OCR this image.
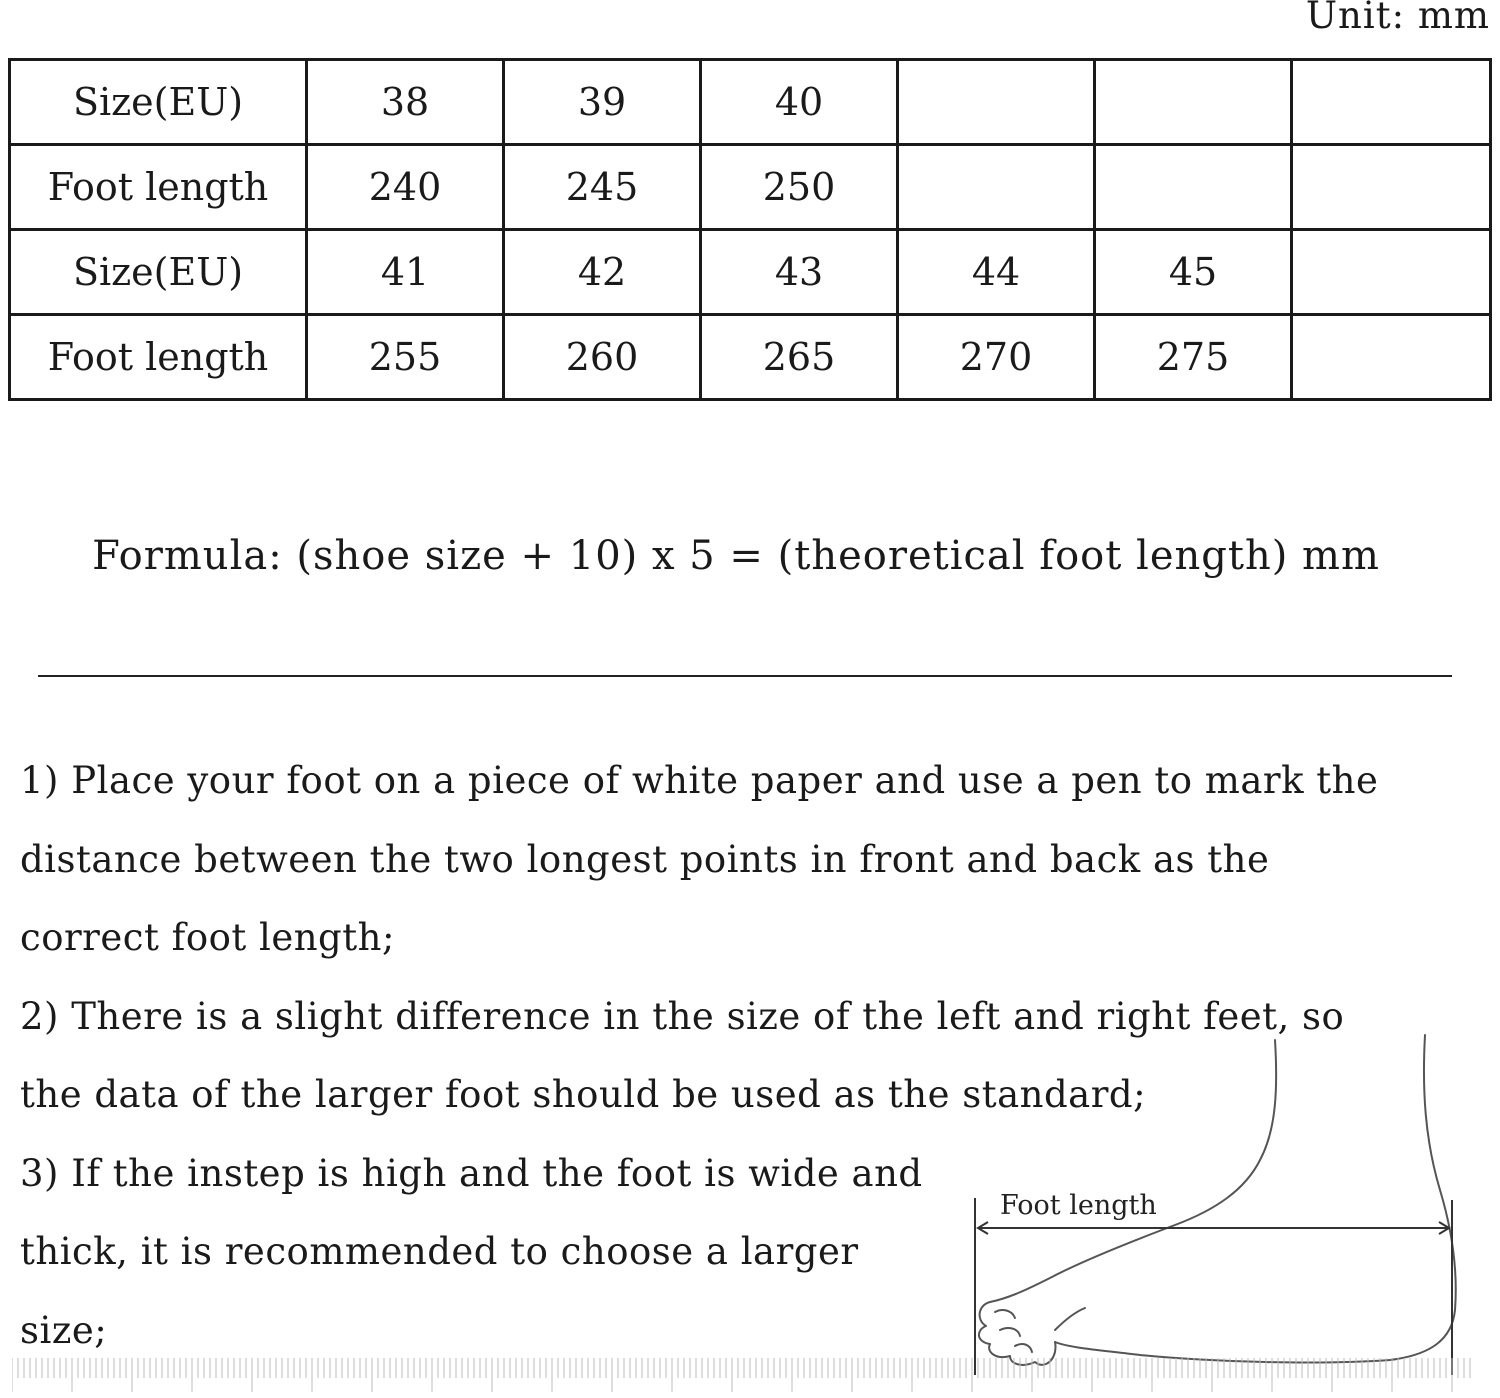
Unit: mm
Size(EU)	38	39	40			
Foot length	240	245	250			
Size(EU)	41	42	43	44	45	
Foot length	255	260	265	270	275	
Formula: (shoe size + 10) x 5 = (theoretical foot length) mm

1) Place your foot on a piece of white paper and use a pen to mark the distance between the two longest points in front and back as the correct foot length;

2) There is a slight difference in the size of the left and right feet, so the data of the larger foot should be used as the standard;

3) If the instep is high and the foot is wide and thick, it is recommended to choose a larger size;

Foot length
